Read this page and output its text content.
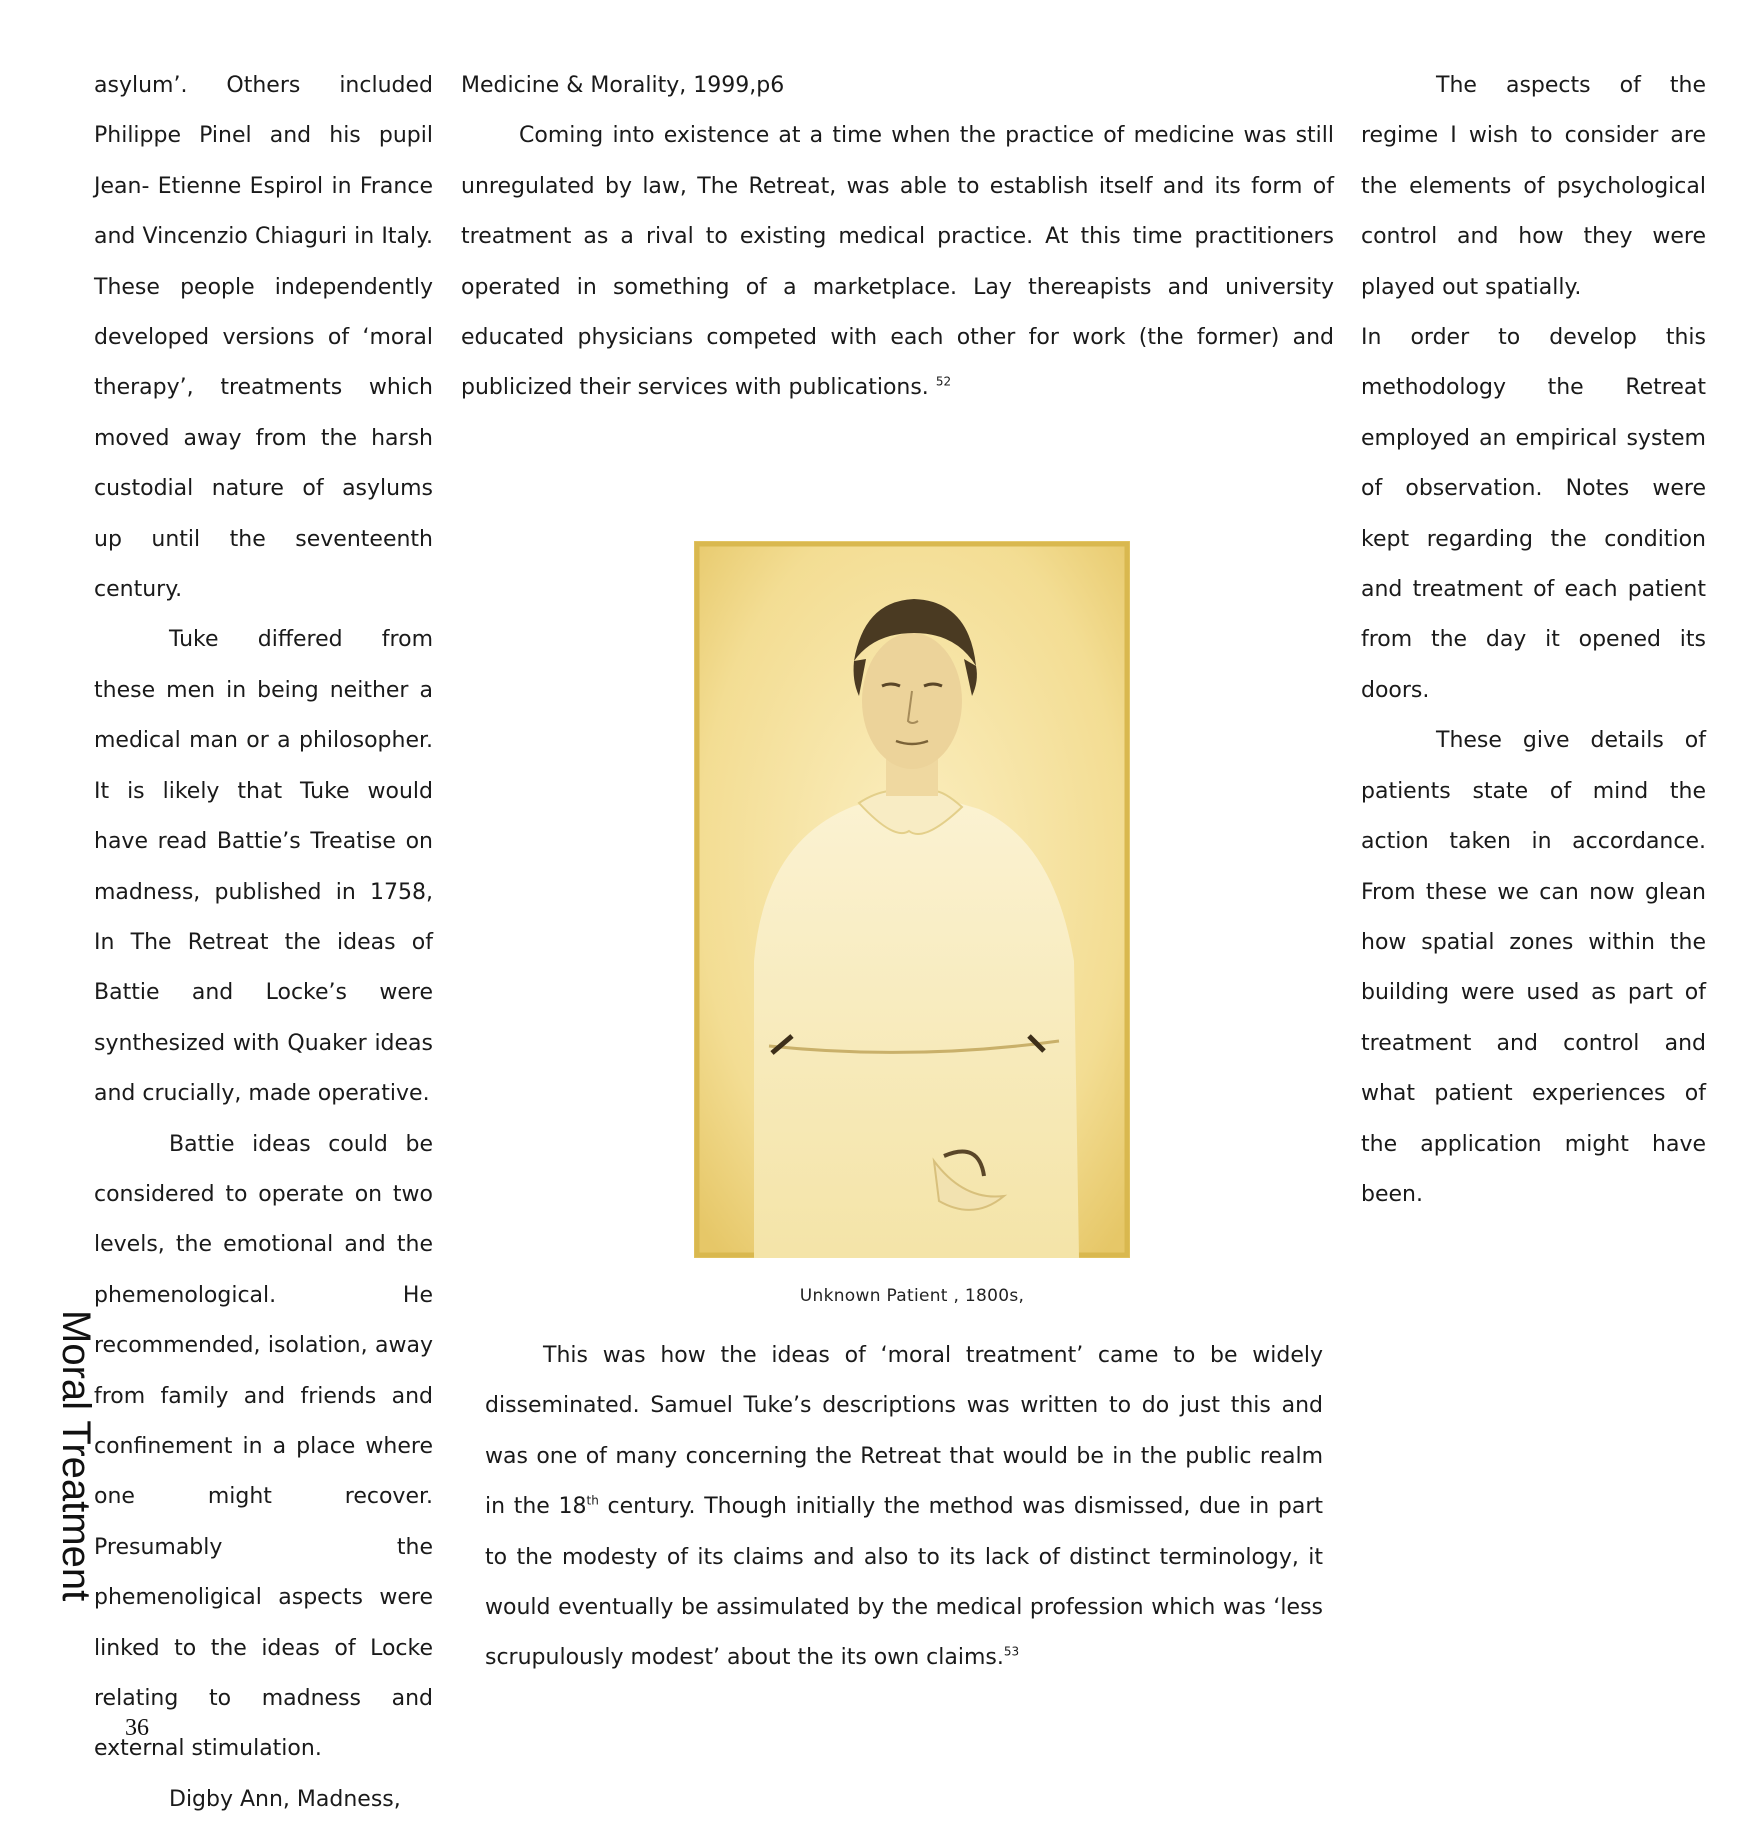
asylum’. Others included Philippe Pinel and his pupil Jean- Etienne Espirol in France and Vincenzio Chiaguri in Italy. These people independently developed versions of ‘moral therapy’, treatments which moved away from the harsh custodial nature of asylums up until the seventeenth century.

Tuke differed from these men in being neither a medical man or a philosopher. It is likely that Tuke would have read Battie’s Treatise on madness, published in 1758, In The Retreat the ideas of Battie and Locke’s were synthesized with Quaker ideas and crucially, made operative.

Battie ideas could be considered to operate on two levels, the emotional and the phemenological. He recommended, isolation, away from family and friends and confinement in a place where one might recover. Presumably the phemenoligical aspects were linked to the ideas of Locke relating to madness and external stimulation.

Digby Ann, Madness,

Medicine & Morality, 1999,p6

Coming into existence at a time when the practice of medicine was still unregulated by law, The Retreat, was able to establish itself and its form of treatment as a rival to existing medical practice. At this time practitioners operated in something of a marketplace. Lay thereapists and university educated physicians competed with each other for work (the former) and publicized their services with publications. $^{52}$

Unknown Patient , 1800s,

This was how the ideas of ‘moral treatment’ came to be widely disseminated. Samuel Tuke’s descriptions was written to do just this and was one of many concerning the Retreat that would be in the public realm in the 18th century. Though initially the method was dismissed, due in part to the modesty of its claims and also to its lack of distinct terminology, it would eventually be assimulated by the medical profession which was ‘less scrupulously modest’ about the its own claims.$^{53}$

The aspects of the regime I wish to consider are the elements of psychological control and how they were played out spatially.

In order to develop this methodology the Retreat employed an empirical system of observation. Notes were kept regarding the condition and treatment of each patient from the day it opened its doors.

These give details of patients state of mind the action taken in accordance. From these we can now glean how spatial zones within the building were used as part of treatment and control and what patient experiences of the application might have been.

Moral Treatment
36
